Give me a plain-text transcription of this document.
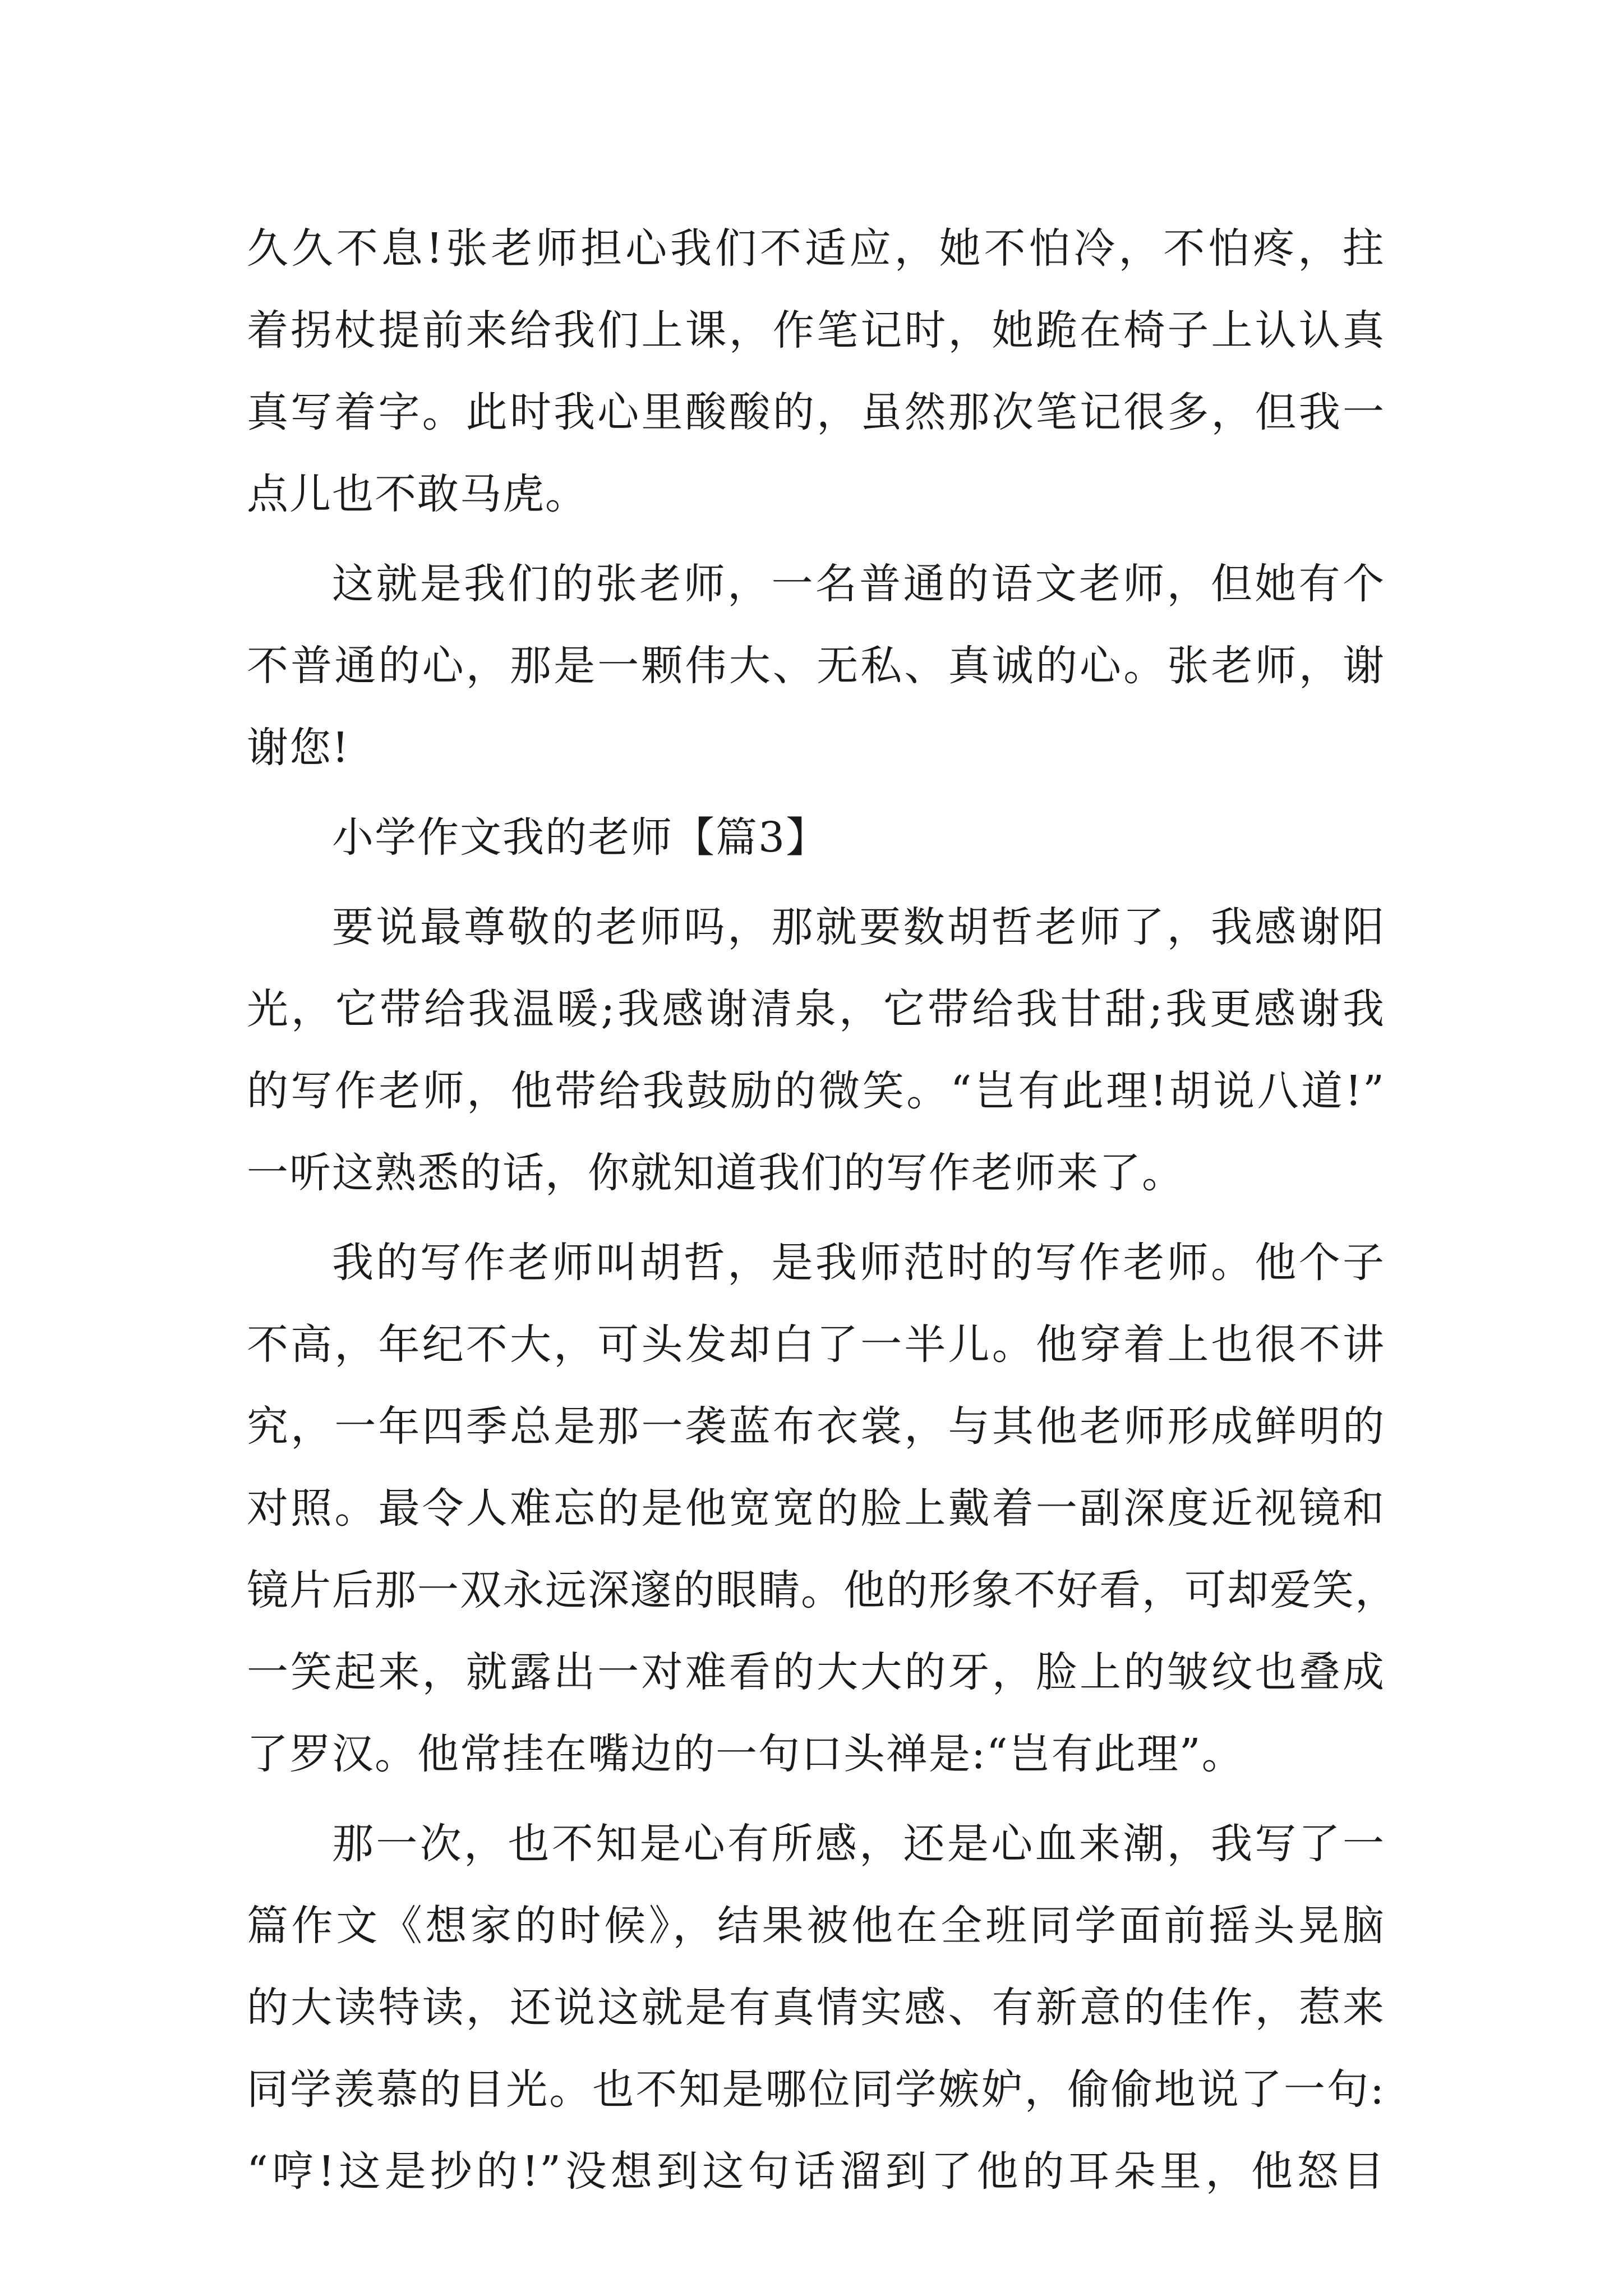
久久不息!张老师担心我们不适应，她不怕冷，不怕疼，拄
着拐杖提前来给我们上课，作笔记时，她跪在椅子上认认真
真写着字。此时我心里酸酸的，虽然那次笔记很多，但我一
点儿也不敢马虎。
这就是我们的张老师，一名普通的语文老师，但她有个
不普通的心，那是一颗伟大、无私、真诚的心。张老师，谢
谢您!
小学作文我的老师【篇3】
要说最尊敬的老师吗，那就要数胡哲老师了，我感谢阳
光，它带给我温暖;我感谢清泉，它带给我甘甜;我更感谢我
的写作老师，他带给我鼓励的微笑。“岂有此理!胡说八道!”
一听这熟悉的话，你就知道我们的写作老师来了。
我的写作老师叫胡哲，是我师范时的写作老师。他个子
不高，年纪不大，可头发却白了一半儿。他穿着上也很不讲
究，一年四季总是那一袭蓝布衣裳，与其他老师形成鲜明的
对照。最令人难忘的是他宽宽的脸上戴着一副深度近视镜和
镜片后那一双永远深邃的眼睛。他的形象不好看，可却爱笑，
一笑起来，就露出一对难看的大大的牙，脸上的皱纹也叠成
了罗汉。他常挂在嘴边的一句口头禅是:“岂有此理”。
那一次，也不知是心有所感，还是心血来潮，我写了一
篇作文《想家的时候》，结果被他在全班同学面前摇头晃脑
的大读特读，还说这就是有真情实感、有新意的佳作，惹来
同学羡慕的目光。也不知是哪位同学嫉妒，偷偷地说了一句:
“哼!这是抄的!”没想到这句话溜到了他的耳朵里，他怒目
